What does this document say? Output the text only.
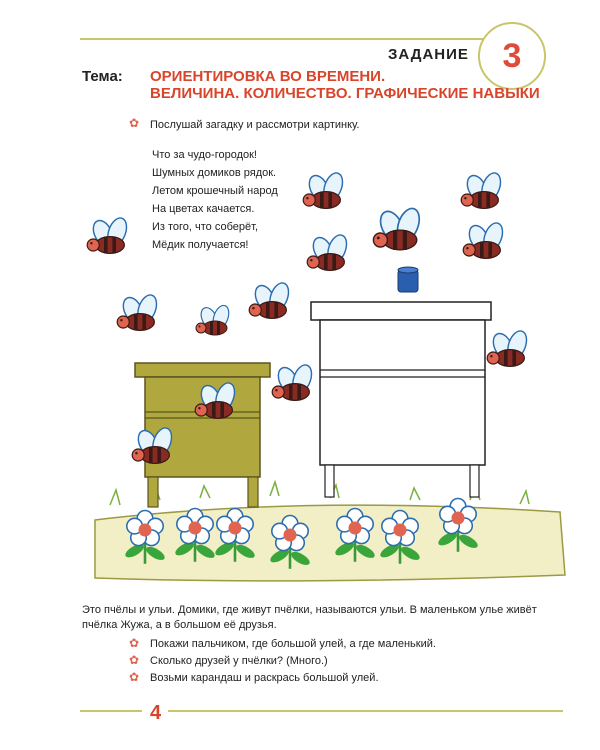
ЗАДАНИЕ 3
Тема: ОРИЕНТИРОВКА ВО ВРЕМЕНИ.
ВЕЛИЧИНА. КОЛИЧЕСТВО. ГРАФИЧЕСКИЕ НАВЫКИ
✿Послушай загадку и рассмотри картинку.
Что за чудо-городок!
Шумных домиков рядок.
Летом крошечный народ
На цветах качается.
Из того, что соберёт,
Мёдик получается!
Это пчёлы и ульи. Домики, где живут пчёлки, называются ульи. В маленьком улье живёт пчёлка Жужа, а в большом её друзья.
✿Покажи пальчиком, где большой улей, а где маленький.
✿Сколько друзей у пчёлки? (Много.)
✿Возьми карандаш и раскрась большой улей.
4
